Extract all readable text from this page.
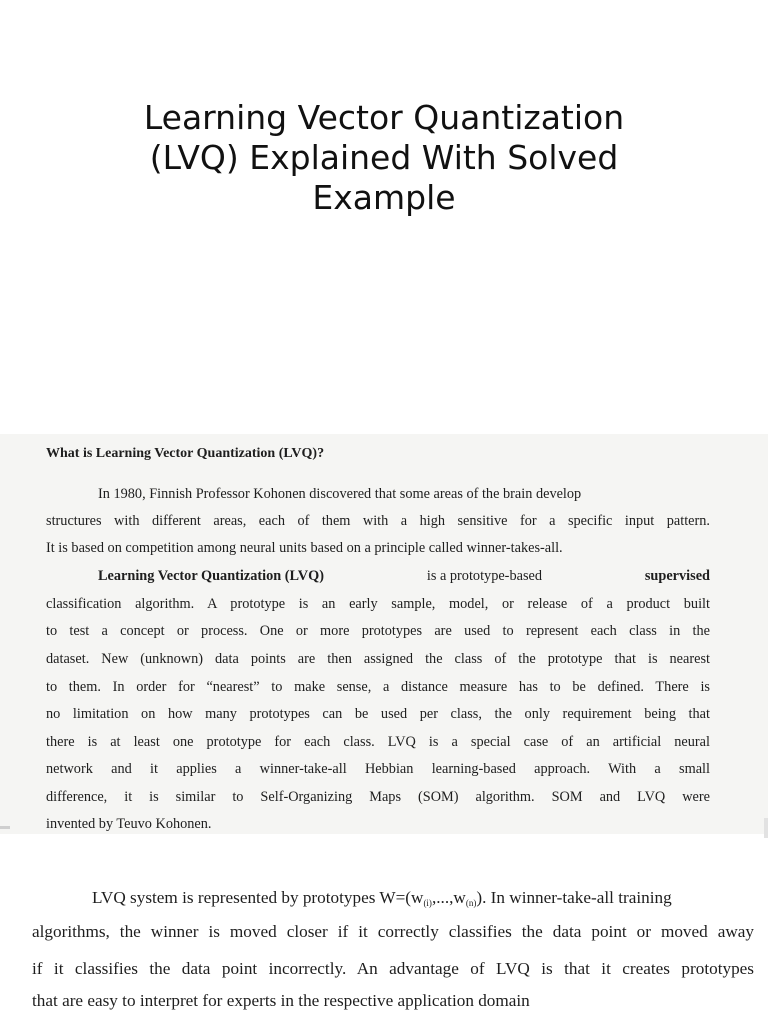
Learning Vector Quantization
(LVQ) Explained With Solved
Example
What is Learning Vector Quantization (LVQ)?
In 1980, Finnish Professor Kohonen discovered that some areas of the brain develop
structures with different areas, each of them with a high sensitive for a specific input pattern.
It is based on competition among neural units based on a principle called winner-takes-all.
Learning Vector Quantization (LVQ)	is a prototype-based	supervised
classification algorithm. A prototype is an early sample, model, or release of a product built
to test a concept or process. One or more prototypes are used to represent each class in the
dataset. New (unknown) data points are then assigned the class of the prototype that is nearest
to them. In order for “nearest” to make sense, a distance measure has to be defined. There is
no limitation on how many prototypes can be used per class, the only requirement being that
there is at least one prototype for each class. LVQ is a special case of an artificial neural
network and it applies a winner-take-all Hebbian learning-based approach. With a small
difference, it is similar to Self-Organizing Maps (SOM) algorithm. SOM and LVQ were
invented by Teuvo Kohonen.
LVQ system is represented by prototypes $W=(w_{(i)},...,w_{(n)})$. In winner-take-all training
algorithms, the winner is moved closer if it correctly classifies the data point or moved away
if it classifies the data point incorrectly. An advantage of LVQ is that it creates prototypes
that are easy to interpret for experts in the respective application domain
